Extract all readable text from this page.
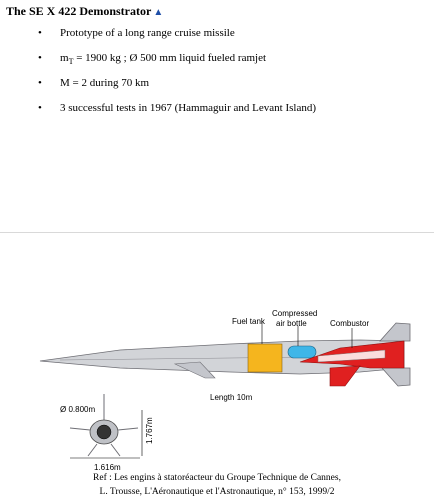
The SE X 422 Demonstrator ▲
• Prototype of a long range cruise missile
• $m_T = 1900$ kg ; Ø 500 mm liquid fueled ramjet
• M = 2 during 70 km
• 3 successful tests in 1967 (Hammaguir and Levant Island)
Fuel tank
Compressed
air bottle	Combustor
Length 10m
Ø 0.800m
1.767m
1.616m
Ref : Les engins à statoréacteur du Groupe Technique de Cannes,
L. Trousse, L'Aéronautique et l'Astronautique, n° 153, 1999/2
